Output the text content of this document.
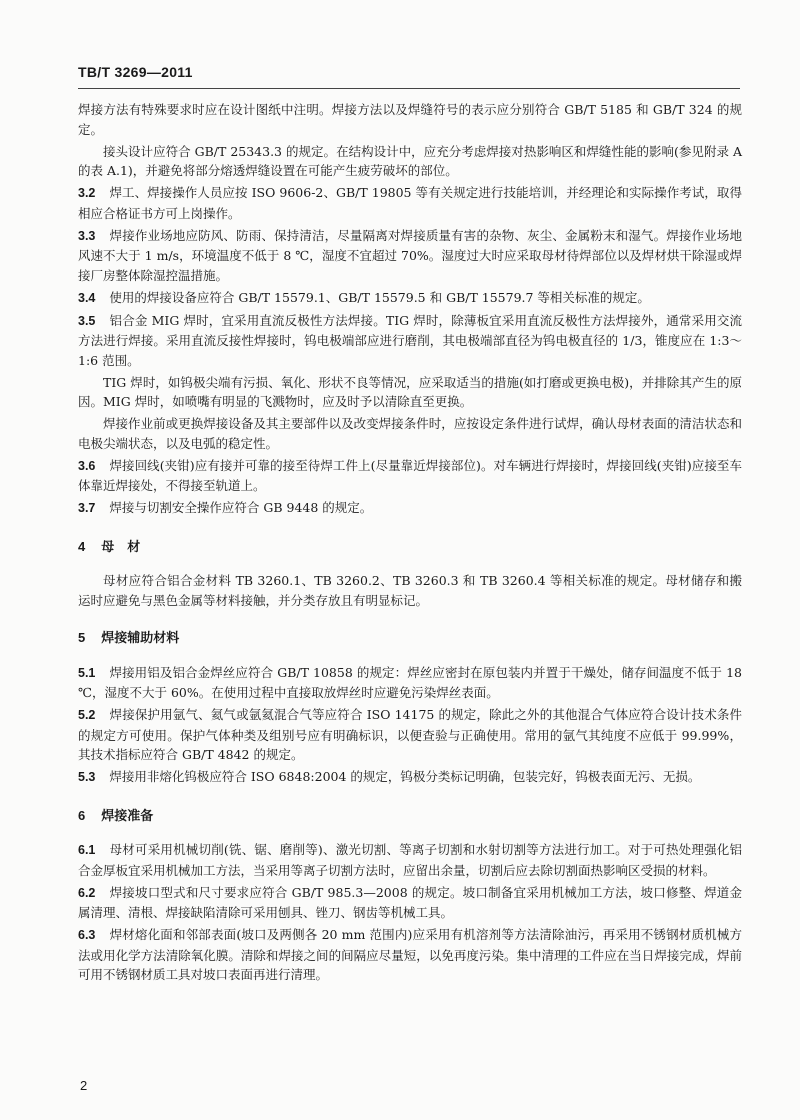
TB/T 3269—2011

焊接方法有特殊要求时应在设计图纸中注明。焊接方法以及焊缝符号的表示应分别符合 GB/T 5185 和 GB/T 324 的规定。

接头设计应符合 GB/T 25343.3 的规定。在结构设计中，应充分考虑焊接对热影响区和焊缝性能的影响(参见附录 A 的表 A.1)，并避免将部分熔透焊缝设置在可能产生疲劳破坏的部位。

3.2 焊工、焊接操作人员应按 ISO 9606-2、GB/T 19805 等有关规定进行技能培训，并经理论和实际操作考试，取得相应合格证书方可上岗操作。

3.3 焊接作业场地应防风、防雨、保持清洁，尽量隔离对焊接质量有害的杂物、灰尘、金属粉末和湿气。焊接作业场地风速不大于 1 m/s，环境温度不低于 8 ℃，湿度不宜超过 70%。湿度过大时应采取母材待焊部位以及焊材烘干除湿或焊接厂房整体除湿控温措施。

3.4 使用的焊接设备应符合 GB/T 15579.1、GB/T 15579.5 和 GB/T 15579.7 等相关标准的规定。

3.5 铝合金 MIG 焊时，宜采用直流反极性方法焊接。TIG 焊时，除薄板宜采用直流反极性方法焊接外，通常采用交流方法进行焊接。采用直流反接性焊接时，钨电极端部应进行磨削，其电极端部直径为钨电极直径的 1/3，锥度应在 1:3～1:6 范围。

TIG 焊时，如钨极尖端有污损、氧化、形状不良等情况，应采取适当的措施(如打磨或更换电极)，并排除其产生的原因。MIG 焊时，如喷嘴有明显的飞溅物时，应及时予以清除直至更换。

焊接作业前或更换焊接设备及其主要部件以及改变焊接条件时，应按设定条件进行试焊，确认母材表面的清洁状态和电极尖端状态，以及电弧的稳定性。

3.6 焊接回线(夹钳)应有接并可靠的接至待焊工件上(尽量靠近焊接部位)。对车辆进行焊接时，焊接回线(夹钳)应接至车体靠近焊接处，不得接至轨道上。

3.7 焊接与切割安全操作应符合 GB 9448 的规定。

4 母　材

母材应符合铝合金材料 TB 3260.1、TB 3260.2、TB 3260.3 和 TB 3260.4 等相关标准的规定。母材储存和搬运时应避免与黑色金属等材料接触，并分类存放且有明显标记。

5 焊接辅助材料

5.1 焊接用铝及铝合金焊丝应符合 GB/T 10858 的规定：焊丝应密封在原包装内并置于干燥处，储存间温度不低于 18 ℃，湿度不大于 60%。在使用过程中直接取放焊丝时应避免污染焊丝表面。

5.2 焊接保护用氩气、氦气或氩氦混合气等应符合 ISO 14175 的规定，除此之外的其他混合气体应符合设计技术条件的规定方可使用。保护气体种类及组别号应有明确标识，以便查验与正确使用。常用的氩气其纯度不应低于 99.99%，其技术指标应符合 GB/T 4842 的规定。

5.3 焊接用非熔化钨极应符合 ISO 6848:2004 的规定，钨极分类标记明确，包装完好，钨极表面无污、无损。

6 焊接准备

6.1 母材可采用机械切削(铣、锯、磨削等)、激光切割、等离子切割和水射切割等方法进行加工。对于可热处理强化铝合金厚板宜采用机械加工方法，当采用等离子切割方法时，应留出余量，切割后应去除切割面热影响区受损的材料。

6.2 焊接坡口型式和尺寸要求应符合 GB/T 985.3—2008 的规定。坡口制备宜采用机械加工方法，坡口修整、焊道金属清理、清根、焊接缺陷清除可采用刨具、锉刀、钢齿等机械工具。

6.3 焊材熔化面和邻部表面(坡口及两侧各 20 mm 范围内)应采用有机溶剂等方法清除油污，再采用不锈钢材质机械方法或用化学方法清除氧化膜。清除和焊接之间的间隔应尽量短，以免再度污染。集中清理的工件应在当日焊接完成，焊前可用不锈钢材质工具对坡口表面再进行清理。

2
